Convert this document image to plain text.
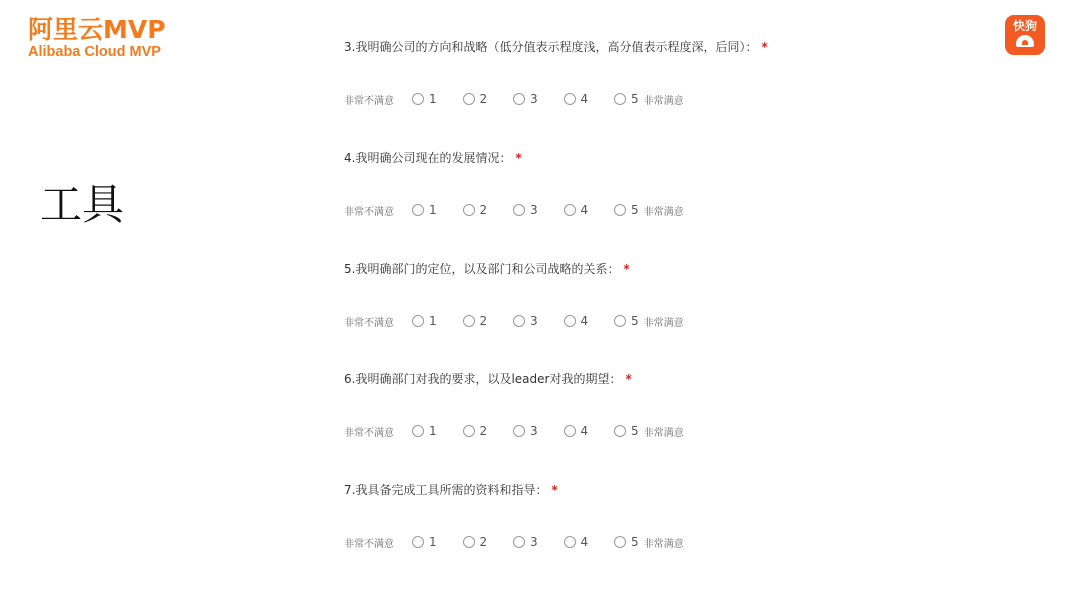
阿里云MVP
Alibaba Cloud MVP
工具
快狗
3.我明确公司的方向和战略（低分值表示程度浅，高分值表示程度深，后同）： *
非常不满意	1	2	3	4	5 非常满意
4.我明确公司现在的发展情况： *
非常不满意	1	2	3	4	5 非常满意
5.我明确部门的定位，以及部门和公司战略的关系： *
非常不满意	1	2	3	4	5 非常满意
6.我明确部门对我的要求，以及leader对我的期望： *
非常不满意	1	2	3	4	5 非常满意
7.我具备完成工具所需的资料和指导： *
非常不满意	1	2	3	4	5 非常满意
